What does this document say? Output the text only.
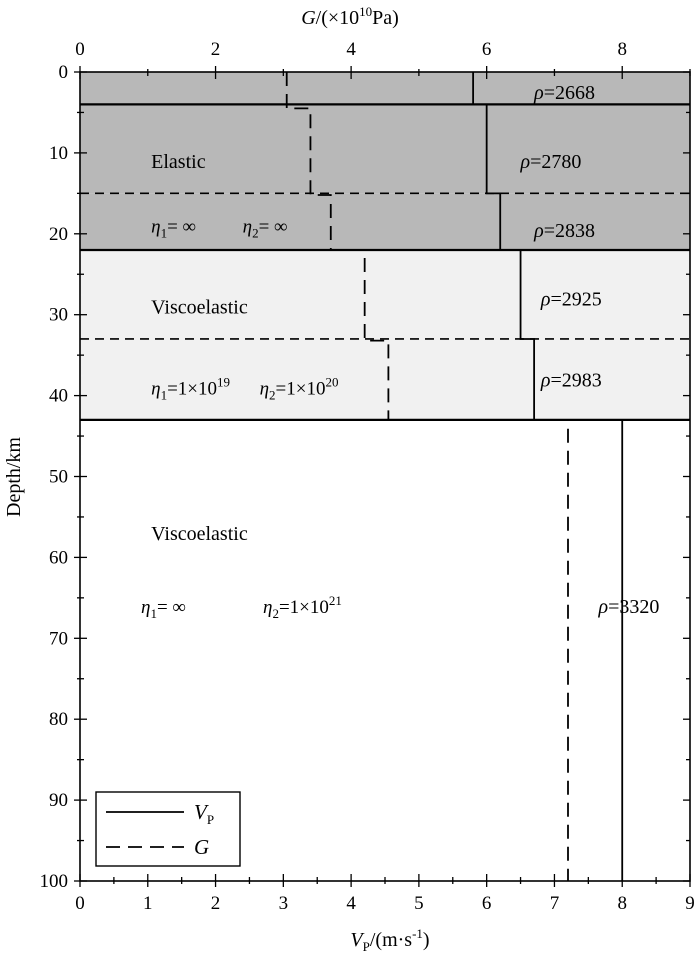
0	1	2	3	4	5	6	7	8	9
0	2	4	6	8
0
10
20
30
40
50
60
70
80
90
100
Elastic
Viscoelastic
Viscoelastic
ρ=2668
ρ=2780
ρ=2838
ρ=2925
ρ=2983
ρ=3320
$\eta_1=$ ∞ $\eta_2=$ ∞
$\eta_1=1\times 10^{19}$ $\eta_2=1\times 10^{20}$
$\eta_1=$ ∞	$\eta_2=1\times 10^{21}$
$G/(\times 10^{10}Pa)$
$V_P/(m\cdot s^{-1})$
Depth/km
$V_P$
G
